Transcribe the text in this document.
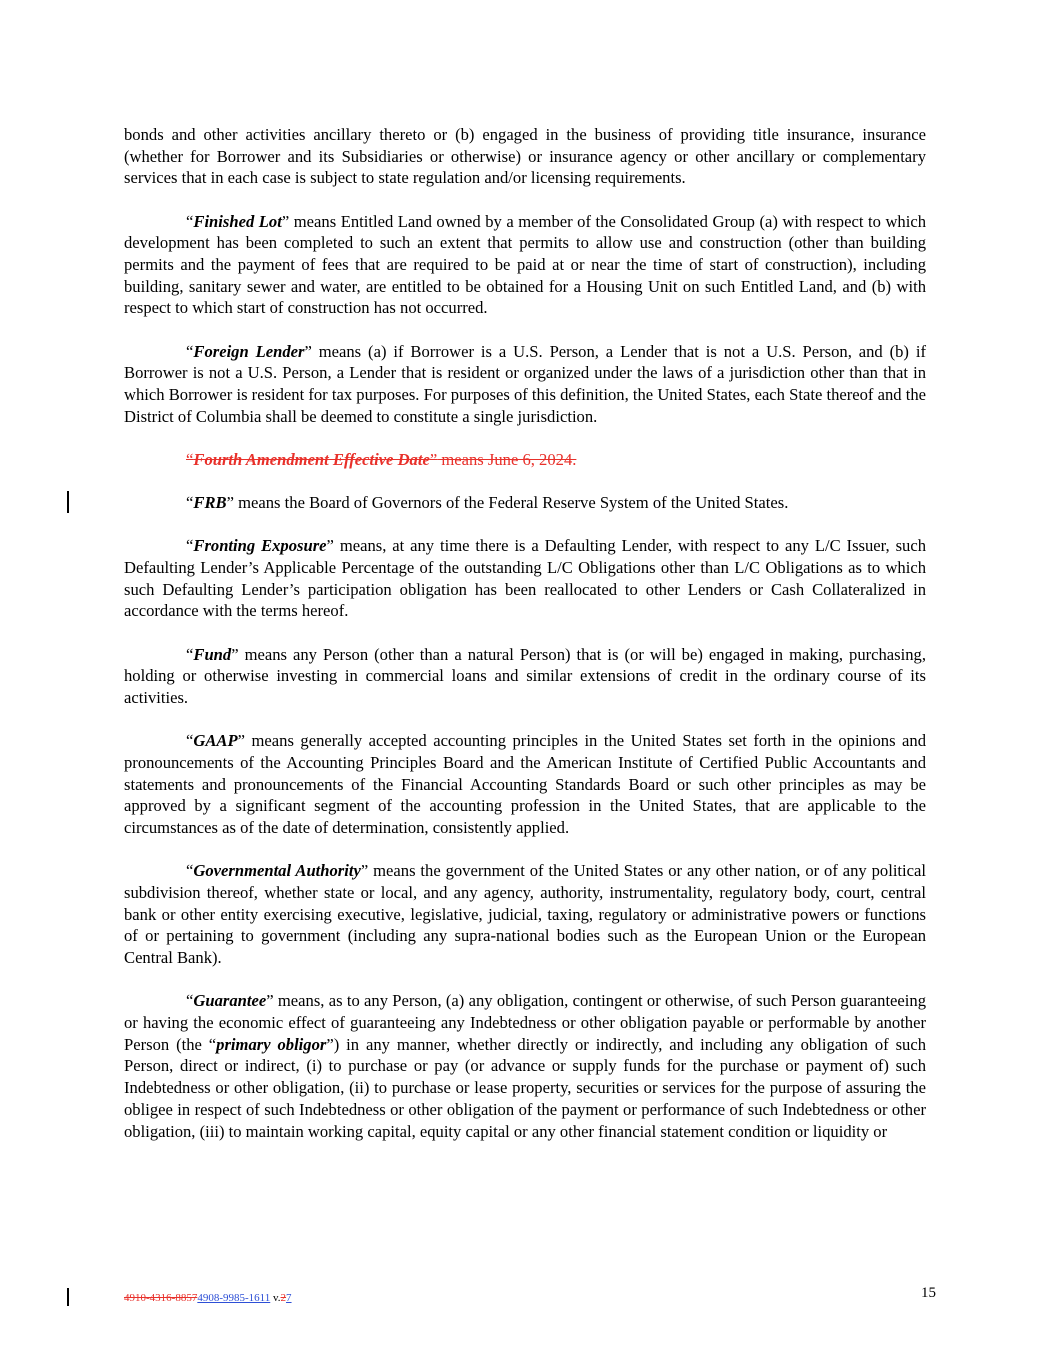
bonds and other activities ancillary thereto or (b) engaged in the business of providing title insurance, insurance (whether for Borrower and its Subsidiaries or otherwise) or insurance agency or other ancillary or complementary services that in each case is subject to state regulation and/or licensing requirements.

“Finished Lot” means Entitled Land owned by a member of the Consolidated Group (a) with respect to which development has been completed to such an extent that permits to allow use and construction (other than building permits and the payment of fees that are required to be paid at or near the time of start of construction), including building, sanitary sewer and water, are entitled to be obtained for a Housing Unit on such Entitled Land, and (b) with respect to which start of construction has not occurred.

“Foreign Lender” means (a) if Borrower is a U.S. Person, a Lender that is not a U.S. Person, and (b) if Borrower is not a U.S. Person, a Lender that is resident or organized under the laws of a jurisdiction other than that in which Borrower is resident for tax purposes. For purposes of this definition, the United States, each State thereof and the District of Columbia shall be deemed to constitute a single jurisdiction.

“Fourth Amendment Effective Date” means June 6, 2024.

“FRB” means the Board of Governors of the Federal Reserve System of the United States.

“Fronting Exposure” means, at any time there is a Defaulting Lender, with respect to any L/C Issuer, such Defaulting Lender’s Applicable Percentage of the outstanding L/C Obligations other than L/C Obligations as to which such Defaulting Lender’s participation obligation has been reallocated to other Lenders or Cash Collateralized in accordance with the terms hereof.

“Fund” means any Person (other than a natural Person) that is (or will be) engaged in making, purchasing, holding or otherwise investing in commercial loans and similar extensions of credit in the ordinary course of its activities.

“GAAP” means generally accepted accounting principles in the United States set forth in the opinions and pronouncements of the Accounting Principles Board and the American Institute of Certified Public Accountants and statements and pronouncements of the Financial Accounting Standards Board or such other principles as may be approved by a significant segment of the accounting profession in the United States, that are applicable to the circumstances as of the date of determination, consistently applied.

“Governmental Authority” means the government of the United States or any other nation, or of any political subdivision thereof, whether state or local, and any agency, authority, instrumentality, regulatory body, court, central bank or other entity exercising executive, legislative, judicial, taxing, regulatory or administrative powers or functions of or pertaining to government (including any supra-national bodies such as the European Union or the European Central Bank).

“Guarantee” means, as to any Person, (a) any obligation, contingent or otherwise, of such Person guaranteeing or having the economic effect of guaranteeing any Indebtedness or other obligation payable or performable by another Person (the “primary obligor”) in any manner, whether directly or indirectly, and including any obligation of such Person, direct or indirect, (i) to purchase or pay (or advance or supply funds for the purchase or payment of) such Indebtedness or other obligation, (ii) to purchase or lease property, securities or services for the purpose of assuring the obligee in respect of such Indebtedness or other obligation of the payment or performance of such Indebtedness or other obligation, (iii) to maintain working capital, equity capital or any other financial statement condition or liquidity or

4910-4316-88574908-9985-1611 v.27	15
